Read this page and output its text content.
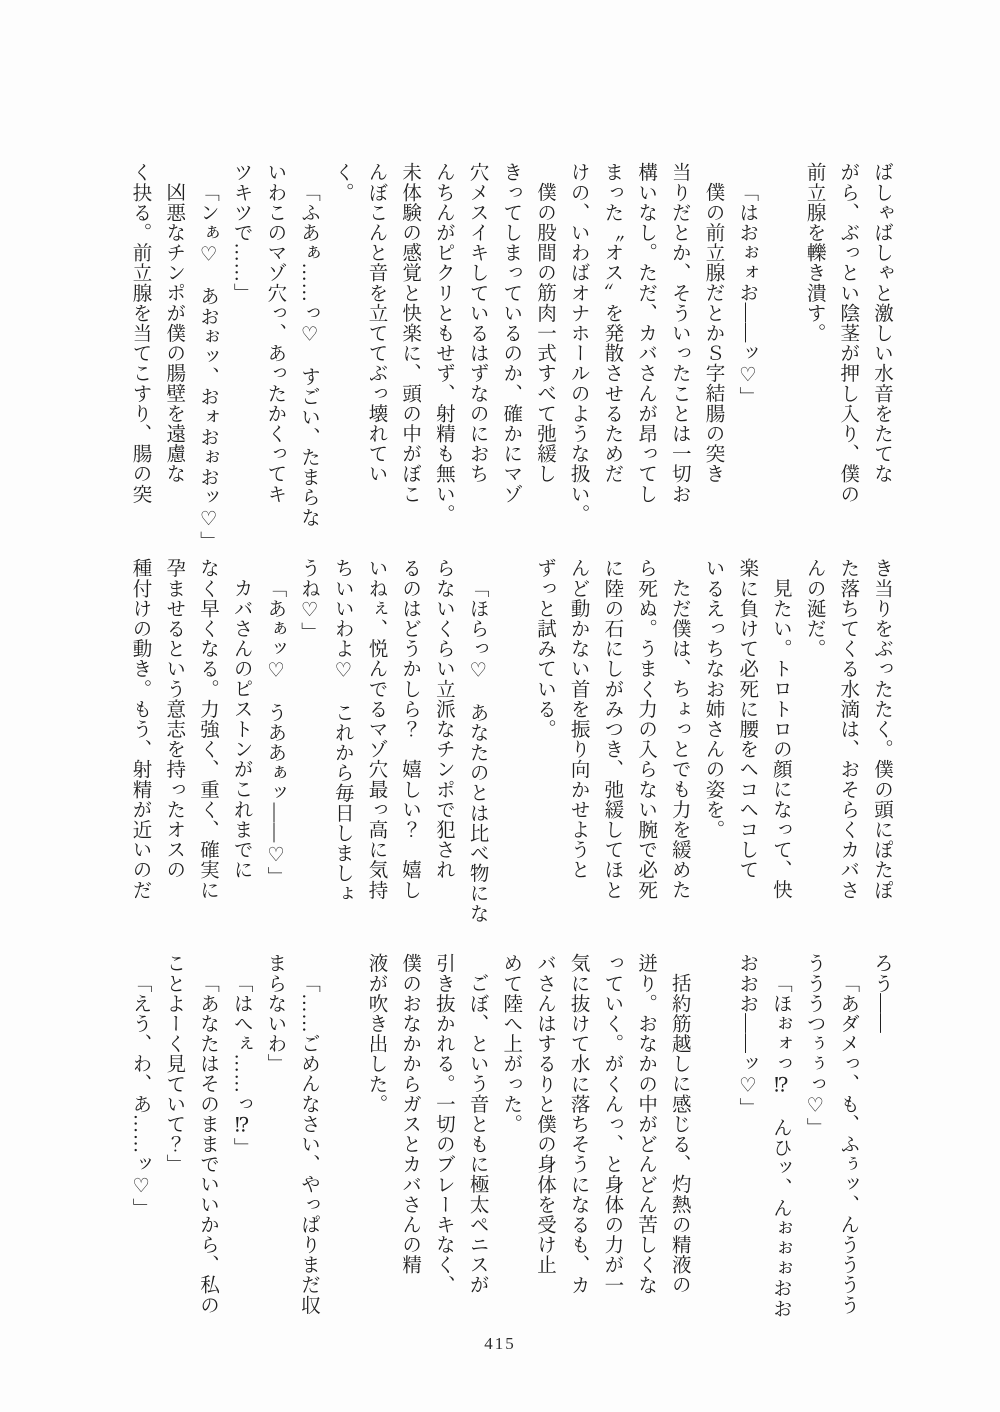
ばしゃばしゃと激しい水音をたてな
がら、ぶっとい陰茎が押し入り、僕の
前立腺を轢き潰す。

「はおぉォお――ッ♡」
僕の前立腺だとかＳ字結腸の突き
当りだとか、そういったことは一切お
構いなし。ただ、カバさんが昂ってし
まった〝オス〟を発散させるためだ
けの、いわばオナホールのような扱い。
僕の股間の筋肉一式すべて弛緩し
きってしまっているのか、確かにマゾ
穴メスイキしているはずなのにおち
んちんがピクリともせず、射精も無い。
未体験の感覚と快楽に、頭の中がぼこ
んぼこんと音を立ててぶっ壊れてい
く。
「ふあぁ……っ♡　すごい、たまらな
いわこのマゾ穴っ、あったかくってキ
ツキツで……」
「ンぁ♡　あおぉッ、おォおぉおッ♡」
凶悪なチンポが僕の腸壁を遠慮な
く抉る。前立腺を当てこすり、腸の突
き当りをぶったたく。僕の頭にぽたぽ
た落ちてくる水滴は、おそらくカバさ
んの涎だ。
見たい。トロトロの顔になって、快
楽に負けて必死に腰をヘコヘコして
いるえっちなお姉さんの姿を。
ただ僕は、ちょっとでも力を緩めた
ら死ぬ。うまく力の入らない腕で必死
に陸の石にしがみつき、弛緩してほと
んど動かない首を振り向かせようと
ずっと試みている。

「ほらっ♡　あなたのとは比べ物にな
らないくらい立派なチンポで犯され
るのはどうかしら？　嬉しい？　嬉し
いねぇ、悦んでるマゾ穴最っ高に気持
ちいいわよ♡　これから毎日しましょ
うね♡」
「あぁッ♡　うああぁッ――♡」
カバさんのピストンがこれまでに
なく早くなる。力強く、重く、確実に
孕ませるという意志を持ったオスの
種付けの動き。もう、射精が近いのだ
ろう――
「あダメっ、も、ふぅッ、んうううう
うううつぅぅっ♡」
「ほぉォっ⁉　んひッ、んぉぉぉおお
おおお――ッ♡」

括約筋越しに感じる、灼熱の精液の
迸り。おなかの中がどんどん苦しくな
っていく。がくんっ、と身体の力が一
気に抜けて水に落ちそうになるも、カ
バさんはするりと僕の身体を受け止
めて陸へ上がった。
ごぼ、という音ともに極太ペニスが
引き抜かれる。一切のブレーキなく、
僕のおなかからガスとカバさんの精
液が吹き出した。

「……ごめんなさい、やっぱりまだ収
まらないわ」
「はへぇ……っ⁉」
「あなたはそのままでいいから、私の
ことよーく見ていて？」
「えう、わ、あ……ッ♡」
415
